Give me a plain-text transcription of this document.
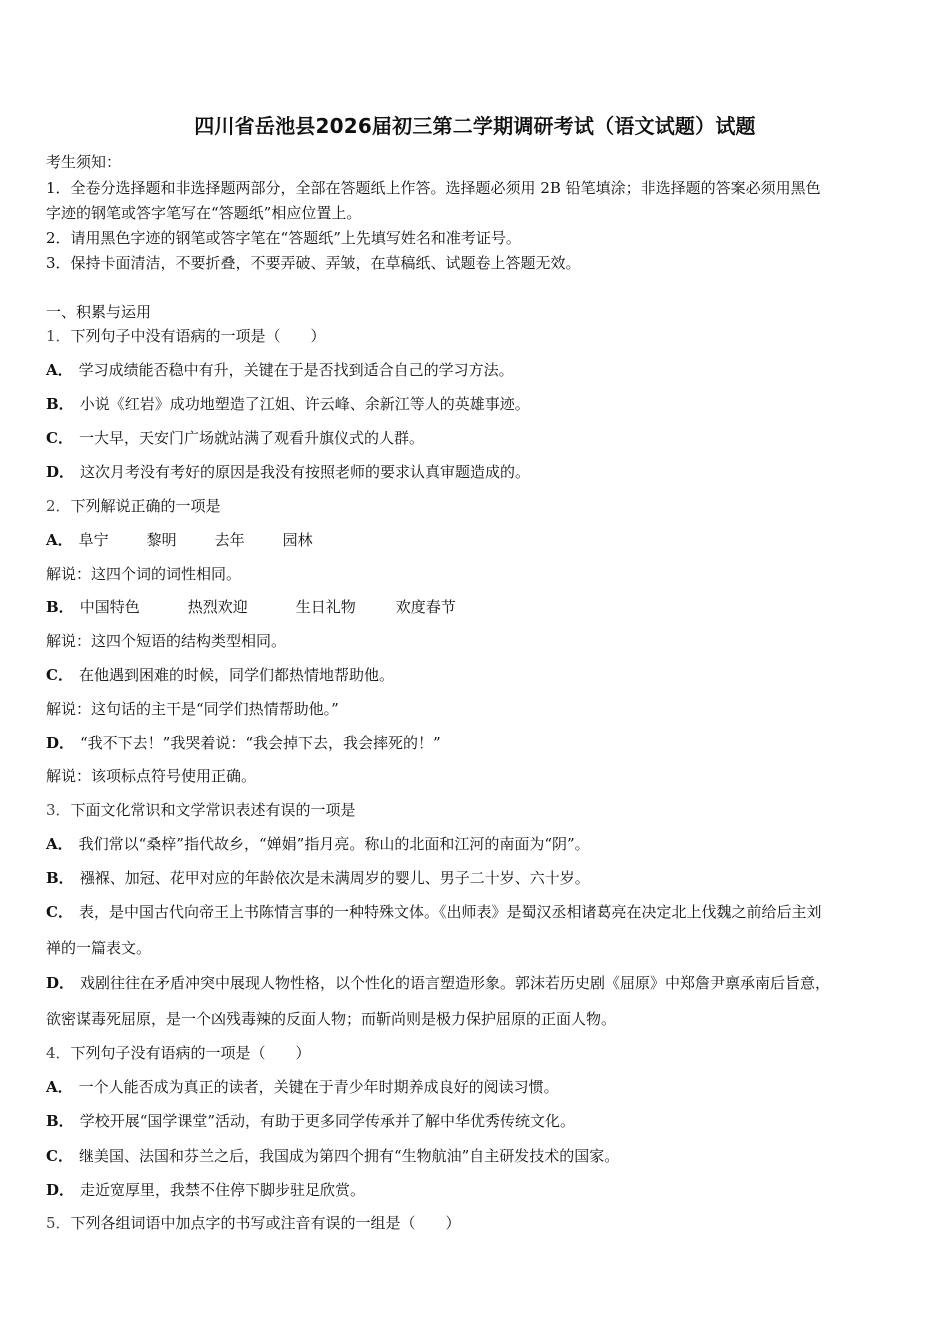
四川省岳池县2026届初三第二学期调研考试（语文试题）试题
考生须知：
1．全卷分选择题和非选择题两部分，全部在答题纸上作答。选择题必须用 2B 铅笔填涂；非选择题的答案必须用黑色
字迹的钢笔或答字笔写在“答题纸”相应位置上。
2．请用黑色字迹的钢笔或答字笔在“答题纸”上先填写姓名和准考证号。
3．保持卡面清洁，不要折叠，不要弄破、弄皱，在草稿纸、试题卷上答题无效。
一、积累与运用
1．下列句子中没有语病的一项是（　　）
A． 学习成绩能否稳中有升，关键在于是否找到适合自己的学习方法。
B． 小说《红岩》成功地塑造了江姐、许云峰、余新江等人的英雄事迹。
C． 一大早，天安门广场就站满了观看升旗仪式的人群。
D． 这次月考没有考好的原因是我没有按照老师的要求认真审题造成的。
2．下列解说正确的一项是
A． 阜宁	黎明	去年	园林
解说：这四个词的词性相同。
B． 中国特色	热烈欢迎	生日礼物	欢度春节
解说：这四个短语的结构类型相同。
C． 在他遇到困难的时候，同学们都热情地帮助他。
解说：这句话的主干是“同学们热情帮助他。”
D． “我不下去！”我哭着说：“我会掉下去，我会摔死的！”
解说：该项标点符号使用正确。
3．下面文化常识和文学常识表述有误的一项是
A． 我们常以“桑梓”指代故乡，“婵娟”指月亮。称山的北面和江河的南面为“阴”。
B． 襁褓、加冠、花甲对应的年龄依次是未满周岁的婴儿、男子二十岁、六十岁。
C． 表，是中国古代向帝王上书陈情言事的一种特殊文体。《出师表》是蜀汉丞相诸葛亮在决定北上伐魏之前给后主刘
禅的一篇表文。
D． 戏剧往往在矛盾冲突中展现人物性格，以个性化的语言塑造形象。郭沫若历史剧《屈原》中郑詹尹禀承南后旨意，
欲密谋毒死屈原，是一个凶残毒辣的反面人物；而靳尚则是极力保护屈原的正面人物。
4．下列句子没有语病的一项是（　　）
A． 一个人能否成为真正的读者，关键在于青少年时期养成良好的阅读习惯。
B． 学校开展“国学课堂”活动，有助于更多同学传承并了解中华优秀传统文化。
C． 继美国、法国和芬兰之后，我国成为第四个拥有“生物航油”自主研发技术的国家。
D． 走近宽厚里，我禁不住停下脚步驻足欣赏。
5．下列各组词语中加点字的书写或注音有误的一组是（　　）
